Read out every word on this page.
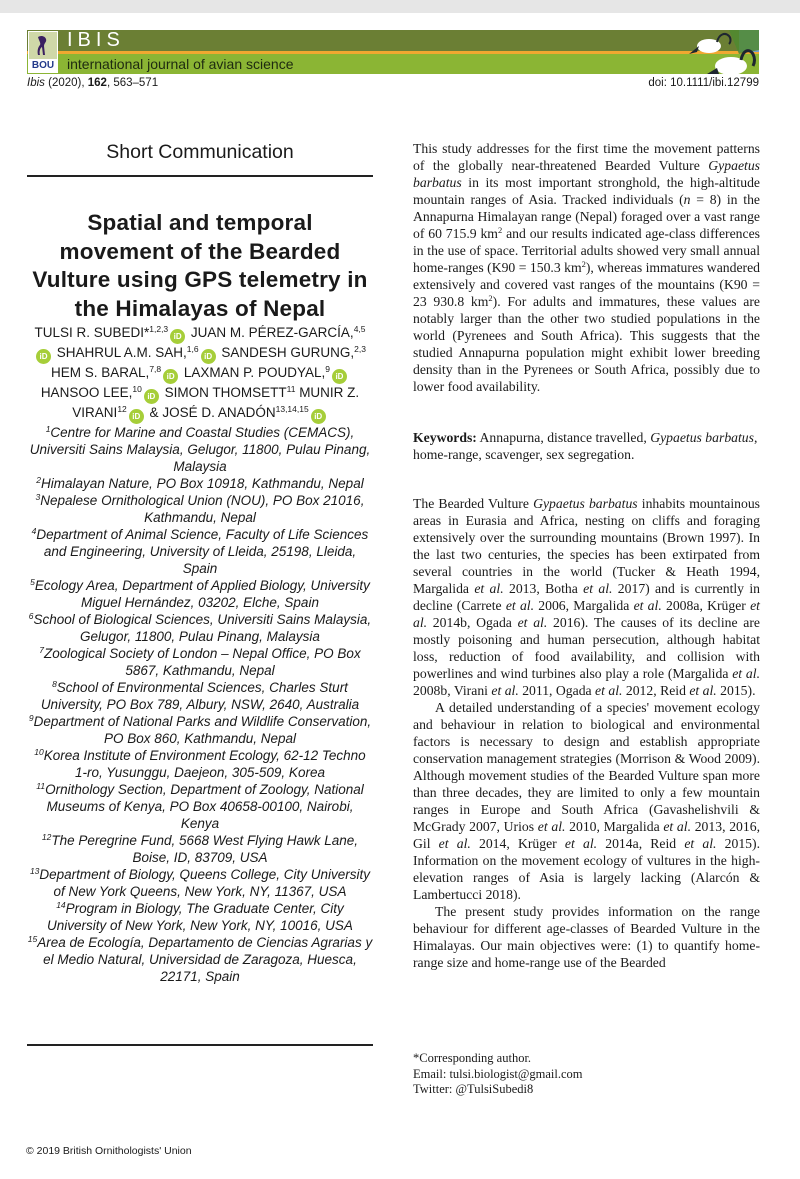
BOU
IBIS
international journal of avian science
Ibis (2020), 162, 563–571	doi: 10.1111/ibi.12799
Short Communication
Spatial and temporal movement of the Bearded Vulture using GPS telemetry in the Himalayas of Nepal
TULSI R. SUBEDI*$^{1,2,3}$iD JUAN M. PÉREZ-GARCÍA,$^{4,5}$iD SHAHRUL A.M. SAH,$^{1,6}$iD SANDESH GURUNG,$^{2,3}$ HEM S. BARAL,$^{7,8}$iD LAXMAN P. POUDYAL,$^9$iD HANSOO LEE,$^{10}$iD SIMON THOMSETT$^{11}$ MUNIR Z. VIRANI$^{12}$iD & JOSÉ D. ANADÓN$^{13,14,15}$iD
$^1$Centre for Marine and Coastal Studies (CEMACS), Universiti Sains Malaysia, Gelugor, 11800, Pulau Pinang, Malaysia
$^2$Himalayan Nature, PO Box 10918, Kathmandu, Nepal
$^3$Nepalese Ornithological Union (NOU), PO Box 21016, Kathmandu, Nepal
$^4$Department of Animal Science, Faculty of Life Sciences and Engineering, University of Lleida, 25198, Lleida, Spain
$^5$Ecology Area, Department of Applied Biology, University Miguel Hernández, 03202, Elche, Spain
$^6$School of Biological Sciences, Universiti Sains Malaysia, Gelugor, 11800, Pulau Pinang, Malaysia
$^7$Zoological Society of London – Nepal Office, PO Box 5867, Kathmandu, Nepal
$^8$School of Environmental Sciences, Charles Sturt University, PO Box 789, Albury, NSW, 2640, Australia
$^9$Department of National Parks and Wildlife Conservation, PO Box 860, Kathmandu, Nepal
$^{10}$Korea Institute of Environment Ecology, 62-12 Techno 1-ro, Yusunggu, Daejeon, 305-509, Korea
$^{11}$Ornithology Section, Department of Zoology, National Museums of Kenya, PO Box 40658-00100, Nairobi, Kenya
$^{12}$The Peregrine Fund, 5668 West Flying Hawk Lane, Boise, ID, 83709, USA
$^{13}$Department of Biology, Queens College, City University of New York Queens, New York, NY, 11367, USA
$^{14}$Program in Biology, The Graduate Center, City University of New York, New York, NY, 10016, USA
$^{15}$Area de Ecología, Departamento de Ciencias Agrarias y el Medio Natural, Universidad de Zaragoza, Huesca, 22171, Spain
© 2019 British Ornithologists' Union

This study addresses for the first time the movement patterns of the globally near-threatened Bearded Vulture Gypaetus barbatus in its most important stronghold, the high-altitude mountain ranges of Asia. Tracked individuals (n = 8) in the Annapurna Himalayan range (Nepal) foraged over a vast range of 60 715.9 $km^2$ and our results indicated age-class differences in the use of space. Territorial adults showed very small annual home-ranges (K90 = 150.3 $km^2$), whereas immatures wandered extensively and covered vast ranges of the mountains (K90 = 23 930.8 $km^2$). For adults and immatures, these values are notably larger than the other two studied populations in the world (Pyrenees and South Africa). This suggests that the studied Annapurna population might exhibit lower breeding density than in the Pyrenees or South Africa, possibly due to lower food availability.

Keywords: Annapurna, distance travelled, Gypaetus barbatus, home-range, scavenger, sex segregation.

The Bearded Vulture Gypaetus barbatus inhabits mountainous areas in Eurasia and Africa, nesting on cliffs and foraging extensively over the surrounding mountains (Brown 1997). In the last two centuries, the species has been extirpated from several countries in the world (Tucker & Heath 1994, Margalida et al. 2013, Botha et al. 2017) and is currently in decline (Carrete et al. 2006, Margalida et al. 2008a, Krüger et al. 2014b, Ogada et al. 2016). The causes of its decline are mostly poisoning and human persecution, although habitat loss, reduction of food availability, and collision with powerlines and wind turbines also play a role (Margalida et al. 2008b, Virani et al. 2011, Ogada et al. 2012, Reid et al. 2015).

A detailed understanding of a species' movement ecology and behaviour in relation to biological and environmental factors is necessary to design and establish appropriate conservation management strategies (Morrison & Wood 2009). Although movement studies of the Bearded Vulture span more than three decades, they are limited to only a few mountain ranges in Europe and South Africa (Gavashelishvili & McGrady 2007, Urios et al. 2010, Margalida et al. 2013, 2016, Gil et al. 2014, Krüger et al. 2014a, Reid et al. 2015). Information on the movement ecology of vultures in the high-elevation ranges of Asia is largely lacking (Alarcón & Lambertucci 2018).

The present study provides information on the range behaviour for different age-classes of Bearded Vulture in the Himalayas. Our main objectives were: (1) to quantify home-range size and home-range use of the Bearded

*Corresponding author.
Email: tulsi.biologist@gmail.com
Twitter: @TulsiSubedi8
